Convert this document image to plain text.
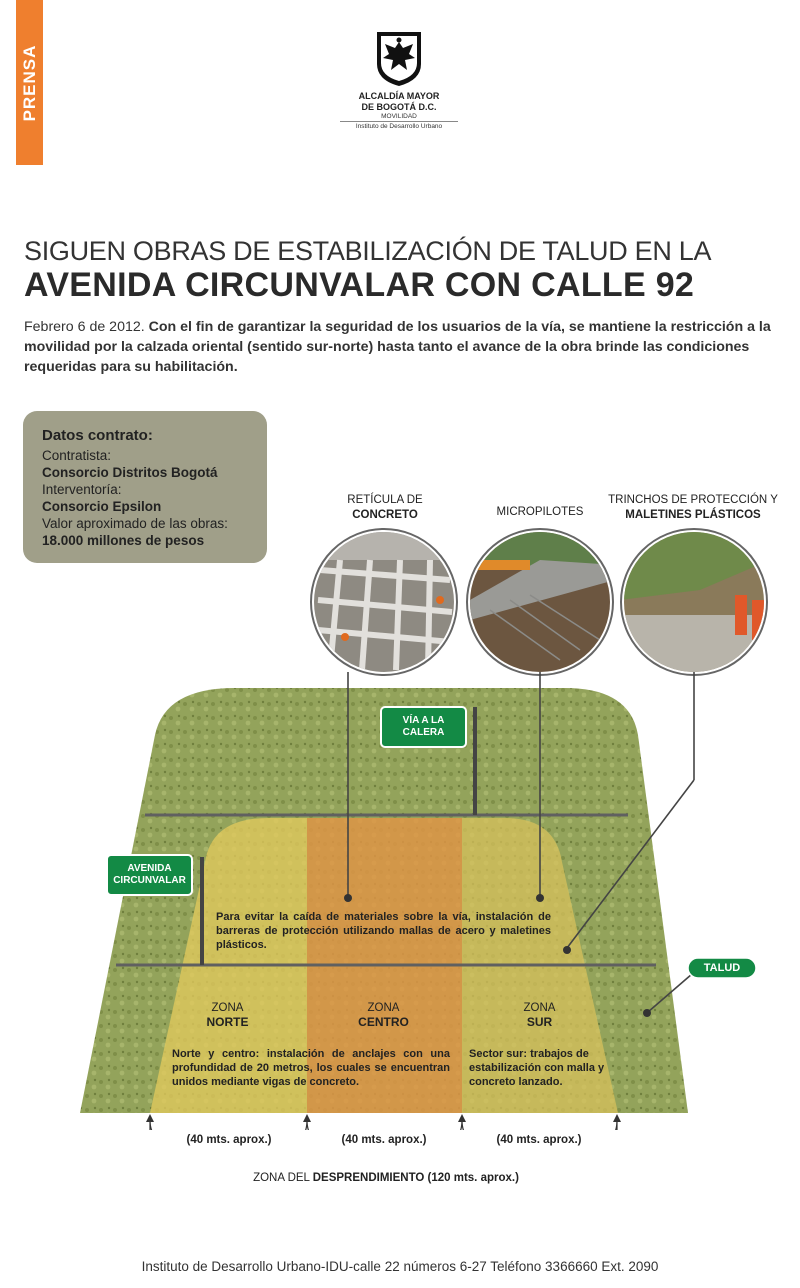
PRENSA	ALCALDÍA MAYOR
DE BOGOTÁ D.C.
MOVILIDAD
Instituto de Desarrollo Urbano
SIGUEN OBRAS DE ESTABILIZACIÓN DE TALUD EN LA
AVENIDA CIRCUNVALAR CON CALLE 92
Febrero 6 de 2012. Con el fin de garantizar la seguridad de los usuarios de la vía, se mantiene la restricción a la movilidad por la calzada oriental (sentido sur-norte) hasta tanto el avance de la obra brinde las condiciones requeridas para su habilitación.
Datos contrato:
Contratista:
Consorcio Distritos Bogotá
Interventoría:
Consorcio Epsilon
Valor aproximado de las obras:
18.000 millones de pesos
RETÍCULA DE
CONCRETO	MICROPILOTES
TRINCHOS DE PROTECCIÓN Y
MALETINES PLÁSTICOS
VÍA A LA
CALERA
AVENIDA
CIRCUNVALAR
TALUD
Para evitar la caída de materiales sobre la vía, instalación de barreras de protección utilizando mallas de acero y maletines plásticos.
ZONA
NORTE
ZONA
CENTRO
ZONA
SUR
Norte y centro: instalación de anclajes con una profundidad de 20 metros, los cuales se encuentran unidos mediante vigas de concreto.
Sector sur: trabajos de estabilización con malla y concreto lanzado.
(40 mts. aprox.)	(40 mts. aprox.)	(40 mts. aprox.)
ZONA DEL DESPRENDIMIENTO (120 mts. aprox.)
Instituto de Desarrollo Urbano-IDU-calle 22 números 6-27 Teléfono 3366660 Ext. 2090
